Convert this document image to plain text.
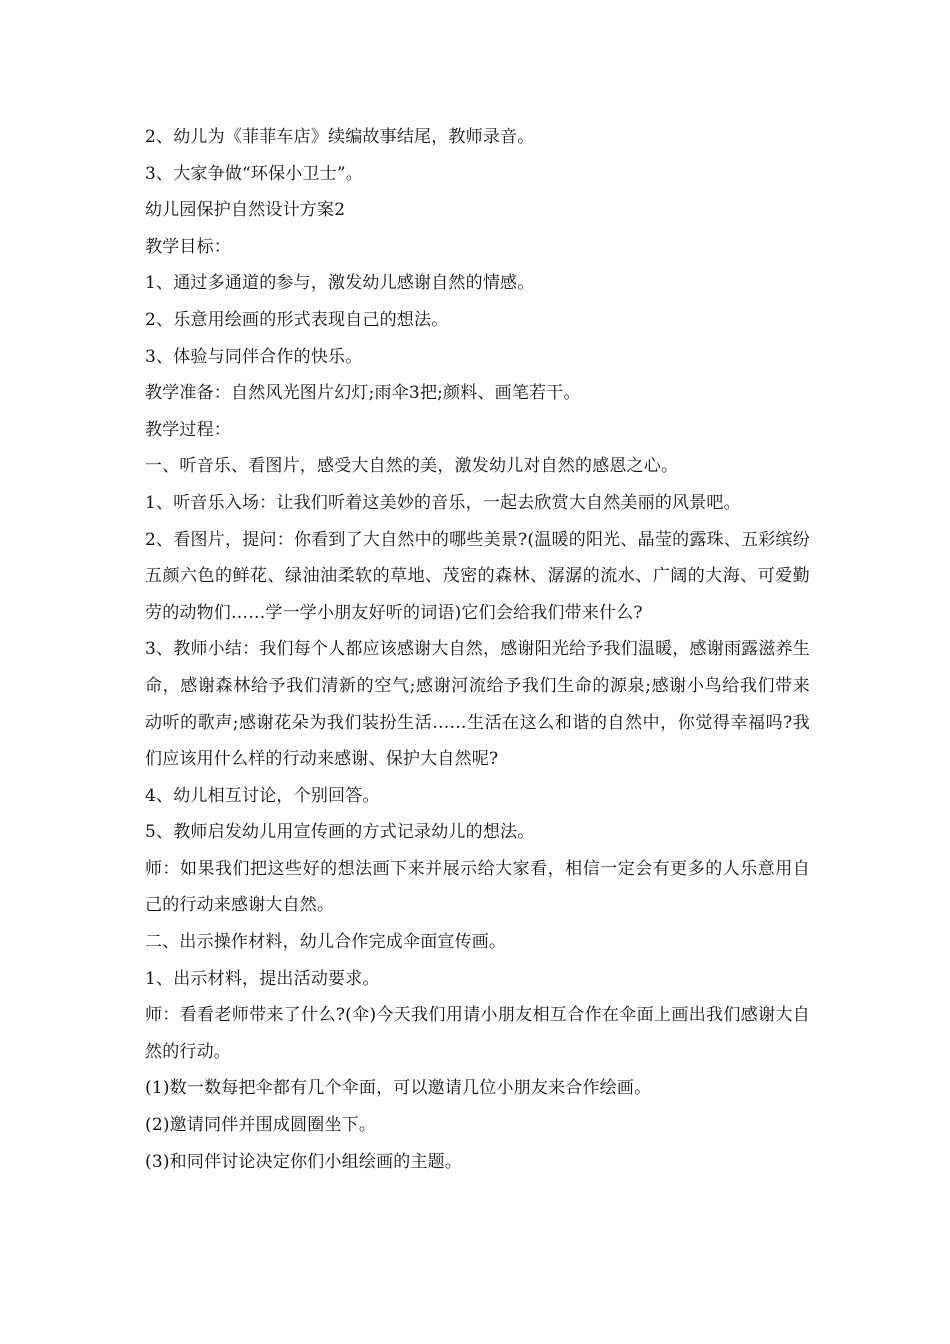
2、幼儿为《菲菲车店》续编故事结尾，教师录音。

3、大家争做“环保小卫士”。

幼儿园保护自然设计方案2

教学目标：

1、通过多通道的参与，激发幼儿感谢自然的情感。

2、乐意用绘画的形式表现自己的想法。

3、体验与同伴合作的快乐。

教学准备：自然风光图片幻灯;雨伞3把;颜料、画笔若干。

教学过程：

一、听音乐、看图片，感受大自然的美，激发幼儿对自然的感恩之心。

1、听音乐入场：让我们听着这美妙的音乐，一起去欣赏大自然美丽的风景吧。

2、看图片，提问：你看到了大自然中的哪些美景?(温暖的阳光、晶莹的露珠、五彩缤纷五颜六色的鲜花、绿油油柔软的草地、茂密的森林、潺潺的流水、广阔的大海、可爱勤劳的动物们……学一学小朋友好听的词语)它们会给我们带来什么?

3、教师小结：我们每个人都应该感谢大自然，感谢阳光给予我们温暖，感谢雨露滋养生命，感谢森林给予我们清新的空气;感谢河流给予我们生命的源泉;感谢小鸟给我们带来动听的歌声;感谢花朵为我们装扮生活……生活在这么和谐的自然中，你觉得幸福吗?我们应该用什么样的行动来感谢、保护大自然呢?

4、幼儿相互讨论，个别回答。

5、教师启发幼儿用宣传画的方式记录幼儿的想法。

师：如果我们把这些好的想法画下来并展示给大家看，相信一定会有更多的人乐意用自己的行动来感谢大自然。

二、出示操作材料，幼儿合作完成伞面宣传画。

1、出示材料，提出活动要求。

师：看看老师带来了什么?(伞)今天我们用请小朋友相互合作在伞面上画出我们感谢大自然的行动。

(1)数一数每把伞都有几个伞面，可以邀请几位小朋友来合作绘画。

(2)邀请同伴并围成圆圈坐下。

(3)和同伴讨论决定你们小组绘画的主题。
